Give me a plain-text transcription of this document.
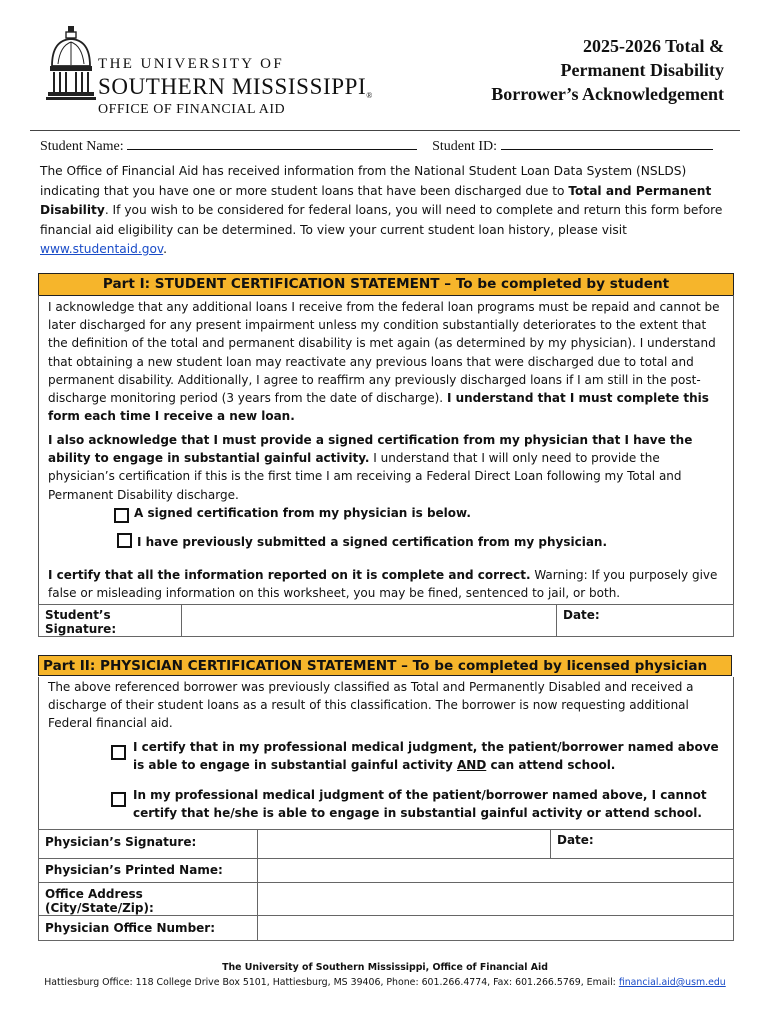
THE UNIVERSITY OF
SOUTHERN MISSISSIPPI®
OFFICE OF FINANCIAL AID
2025-2026 Total &
Permanent Disability
Borrower’s Acknowledgement
Student Name:	Student ID:
The Office of Financial Aid has received information from the National Student Loan Data System (NSLDS) indicating that you have one or more student loans that have been discharged due to Total and Permanent Disability. If you wish to be considered for federal loans, you will need to complete and return this form before financial aid eligibility can be determined. To view your current student loan history, please visit www.studentaid.gov.
Part I: STUDENT CERTIFICATION STATEMENT – To be completed by student
I acknowledge that any additional loans I receive from the federal loan programs must be repaid and cannot be later discharged for any present impairment unless my condition substantially deteriorates to the extent that the definition of the total and permanent disability is met again (as determined by my physician). I understand that obtaining a new student loan may reactivate any previous loans that were discharged due to total and permanent disability. Additionally, I agree to reaffirm any previously discharged loans if I am still in the post-discharge monitoring period (3 years from the date of discharge). I understand that I must complete this form each time I receive a new loan.
I also acknowledge that I must provide a signed certification from my physician that I have the ability to engage in substantial gainful activity. I understand that I will only need to provide the physician’s certification if this is the first time I am receiving a Federal Direct Loan following my Total and Permanent Disability discharge.
A signed certification from my physician is below.
I have previously submitted a signed certification from my physician.
I certify that all the information reported on it is complete and correct. Warning: If you purposely give false or misleading information on this worksheet, you may be fined, sentenced to jail, or both.
Student’s Signature:		Date:
Part II: PHYSICIAN CERTIFICATION STATEMENT – To be completed by licensed physician
The above referenced borrower was previously classified as Total and Permanently Disabled and received a discharge of their student loans as a result of this classification. The borrower is now requesting additional Federal financial aid.
I certify that in my professional medical judgment, the patient/borrower named above is able to engage in substantial gainful activity AND can attend school.
In my professional medical judgment of the patient/borrower named above, I cannot certify that he/she is able to engage in substantial gainful activity or attend school.
Physician’s Signature:		Date:
Physician’s Printed Name:		
Office Address (City/State/Zip):		
Physician Office Number:		
The University of Southern Mississippi, Office of Financial Aid
Hattiesburg Office: 118 College Drive Box 5101, Hattiesburg, MS 39406, Phone: 601.266.4774, Fax: 601.266.5769, Email: financial.aid@usm.edu
